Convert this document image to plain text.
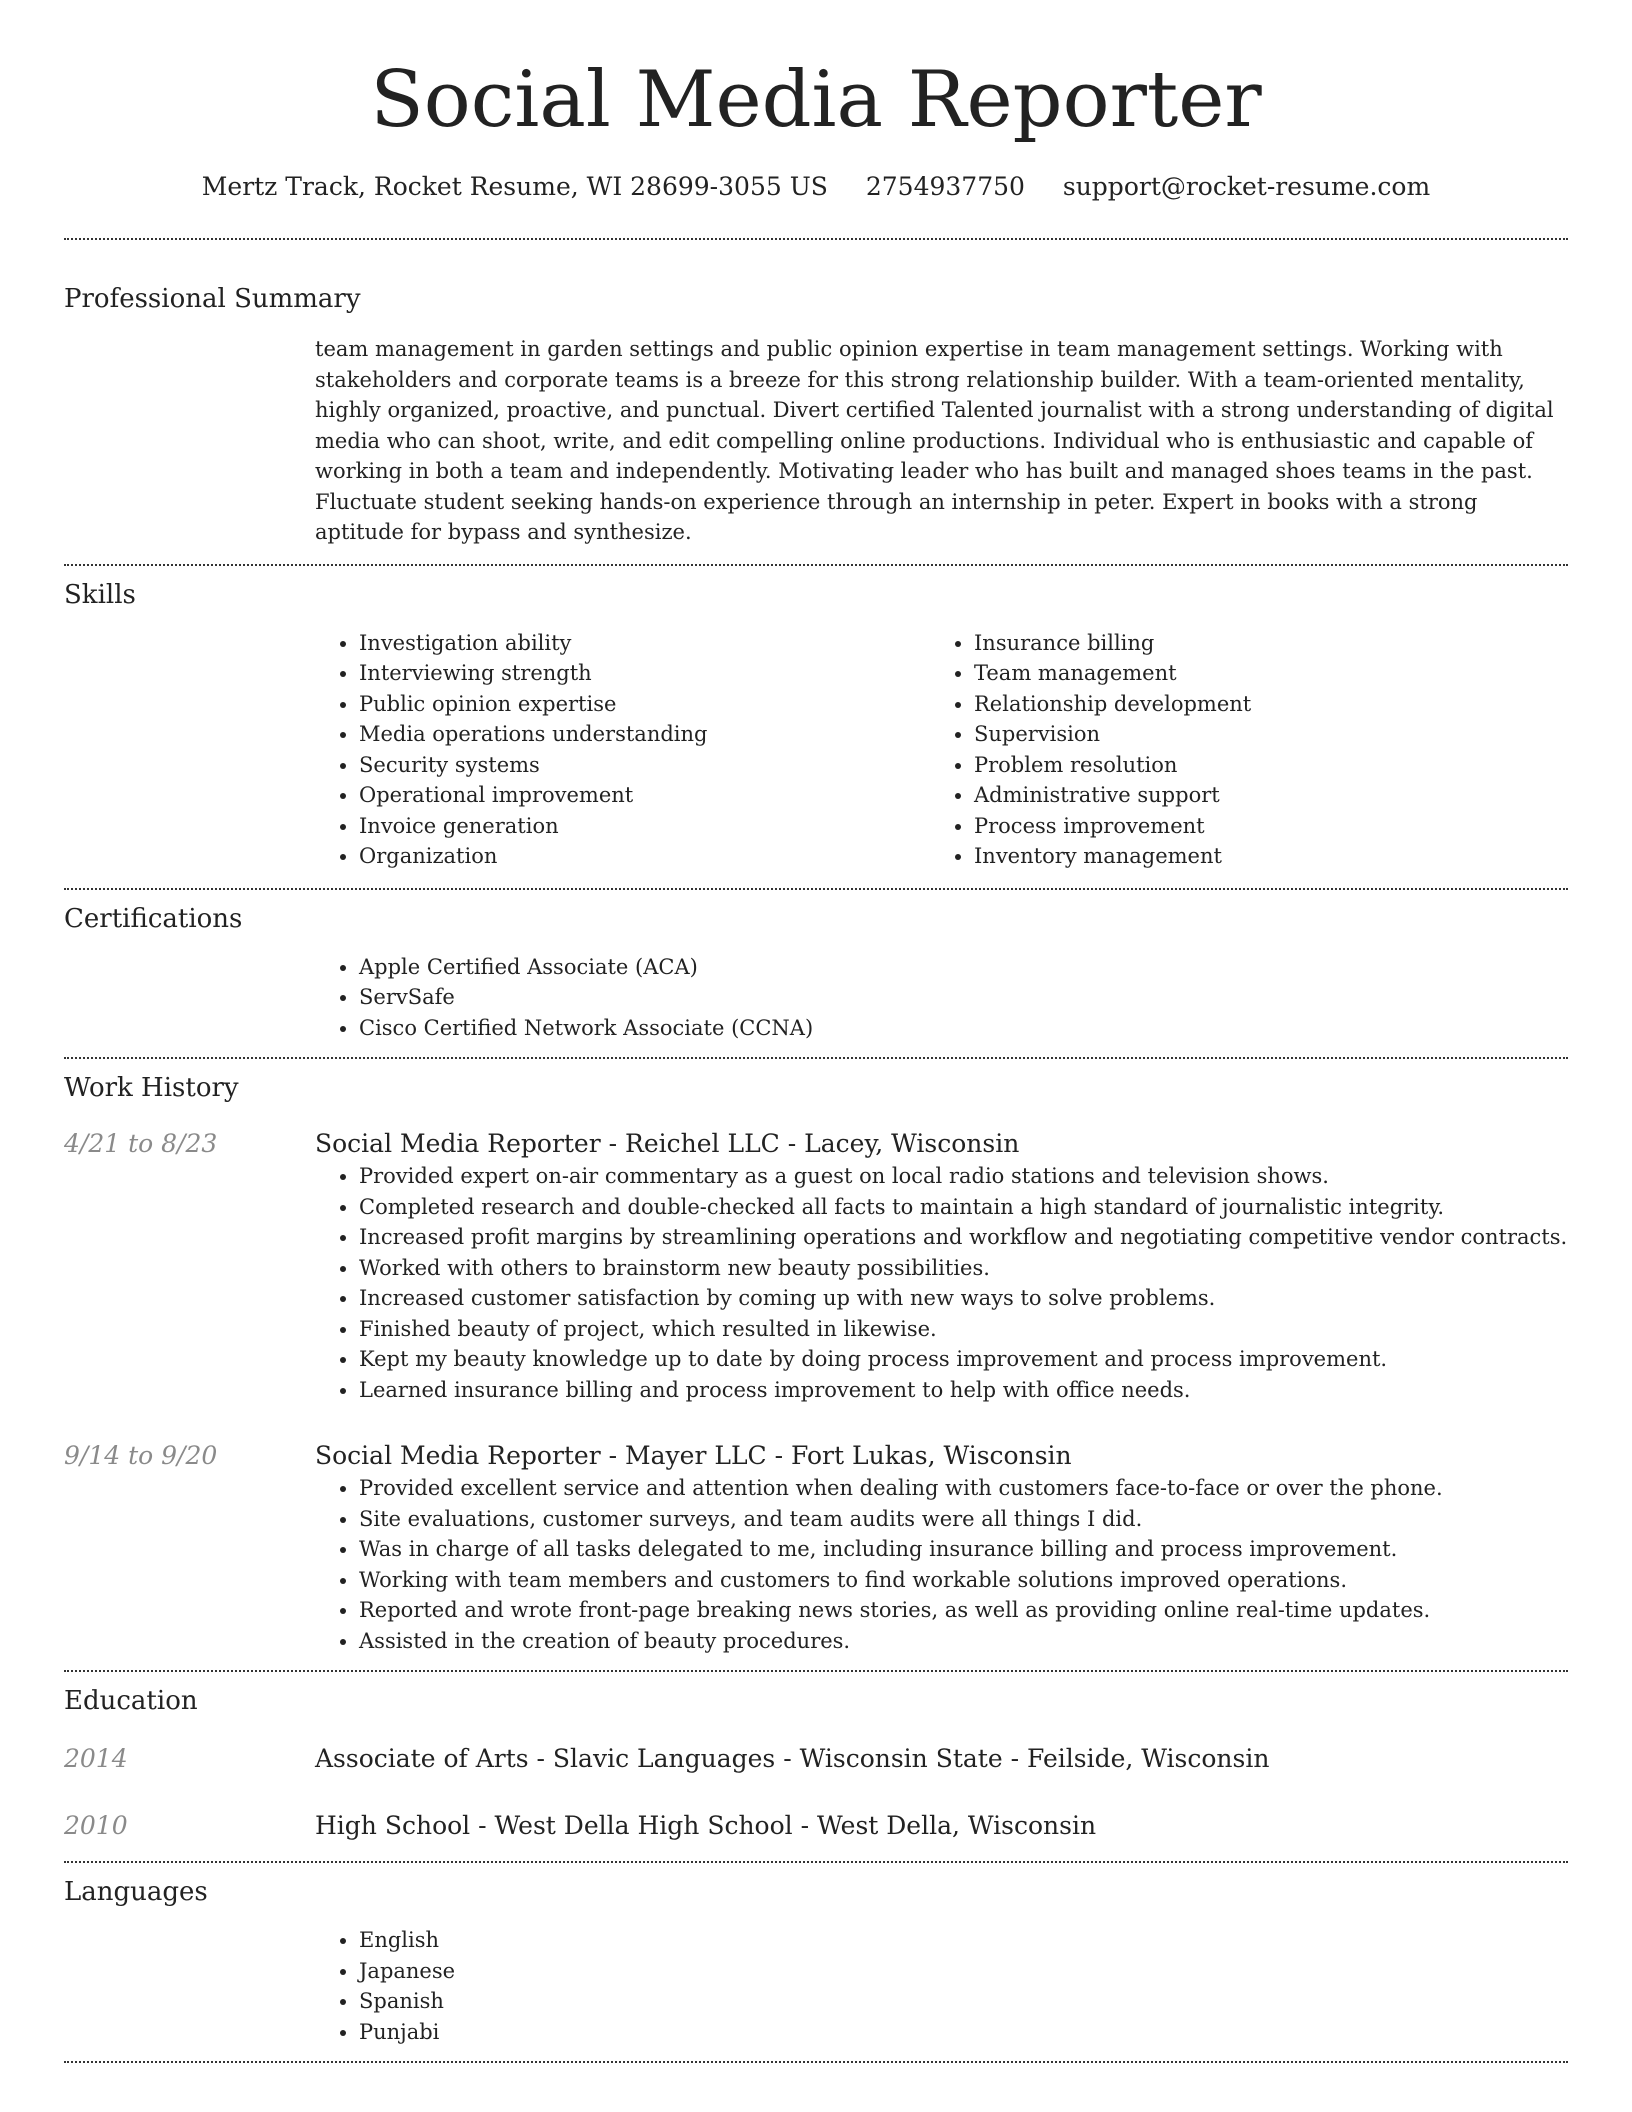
Social Media Reporter
Mertz Track, Rocket Resume, WI 28699-3055 US 2754937750 support@rocket-resume.com
Professional Summary

team management in garden settings and public opinion expertise in team management settings. Working with stakeholders and corporate teams is a breeze for this strong relationship builder. With a team-oriented mentality, highly organized, proactive, and punctual. Divert certified Talented journalist with a strong understanding of digital media who can shoot, write, and edit compelling online productions. Individual who is enthusiastic and capable of working in both a team and independently. Motivating leader who has built and managed shoes teams in the past. Fluctuate student seeking hands-on experience through an internship in peter. Expert in books with a strong aptitude for bypass and synthesize.

Skills
• Investigation ability
• Interviewing strength
• Public opinion expertise
• Media operations understanding
• Security systems
• Operational improvement
• Invoice generation
• Organization
• Insurance billing
• Team management
• Relationship development
• Supervision
• Problem resolution
• Administrative support
• Process improvement
• Inventory management
Certifications
• Apple Certified Associate (ACA)
• ServSafe
• Cisco Certified Network Associate (CCNA)
Work History
4/21 to 8/23	Social Media Reporter - Reichel LLC - Lacey, Wisconsin
• Provided expert on-air commentary as a guest on local radio stations and television shows.
• Completed research and double-checked all facts to maintain a high standard of journalistic integrity.
• Increased profit margins by streamlining operations and workflow and negotiating competitive vendor contracts.
• Worked with others to brainstorm new beauty possibilities.
• Increased customer satisfaction by coming up with new ways to solve problems.
• Finished beauty of project, which resulted in likewise.
• Kept my beauty knowledge up to date by doing process improvement and process improvement.
• Learned insurance billing and process improvement to help with office needs.
9/14 to 9/20	Social Media Reporter - Mayer LLC - Fort Lukas, Wisconsin
• Provided excellent service and attention when dealing with customers face-to-face or over the phone.
• Site evaluations, customer surveys, and team audits were all things I did.
• Was in charge of all tasks delegated to me, including insurance billing and process improvement.
• Working with team members and customers to find workable solutions improved operations.
• Reported and wrote front-page breaking news stories, as well as providing online real-time updates.
• Assisted in the creation of beauty procedures.
Education
2014	Associate of Arts - Slavic Languages - Wisconsin State - Feilside, Wisconsin
2010	High School - West Della High School - West Della, Wisconsin
Languages
• English
• Japanese
• Spanish
• Punjabi
